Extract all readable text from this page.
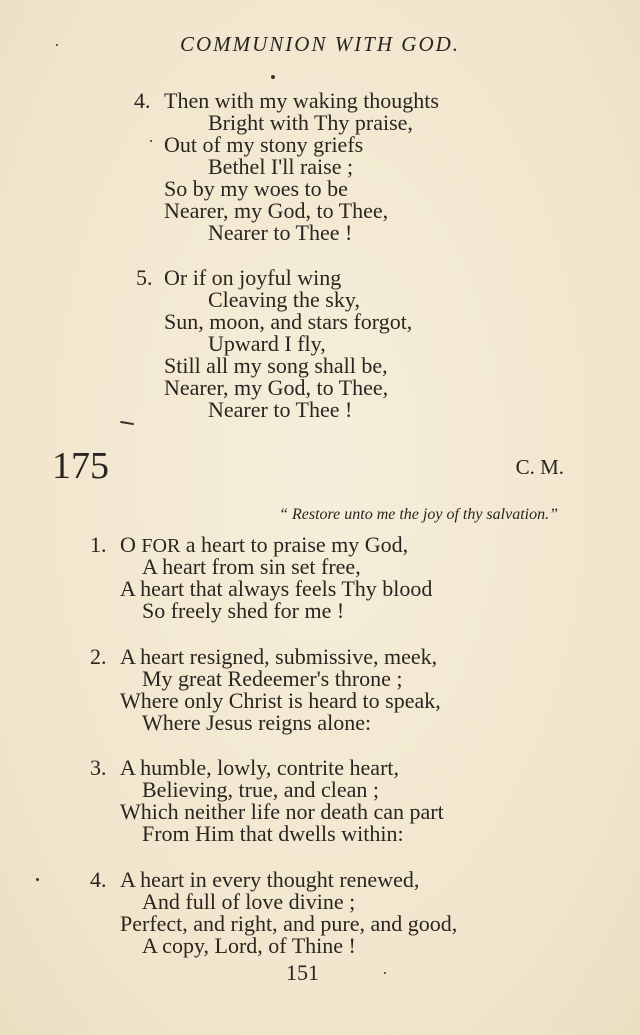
COMMUNION WITH GOD.
4. Then with my waking thoughts
Bright with Thy praise,
Out of my stony griefs
Bethel I'll raise ;
So by my woes to be
Nearer, my God, to Thee,
Nearer to Thee !
5. Or if on joyful wing
Cleaving the sky,
Sun, moon, and stars forgot,
Upward I fly,
Still all my song shall be,
Nearer, my God, to Thee,
Nearer to Thee !
175	C. M.
“ Restore unto me the joy of thy salvation.”
1. O FOR a heart to praise my God,
A heart from sin set free,
A heart that always feels Thy blood
So freely shed for me !
2. A heart resigned, submissive, meek,
My great Redeemer's throne ;
Where only Christ is heard to speak,
Where Jesus reigns alone:
3. A humble, lowly, contrite heart,
Believing, true, and clean ;
Which neither life nor death can part
From Him that dwells within:
4. A heart in every thought renewed,
And full of love divine ;
Perfect, and right, and pure, and good,
A copy, Lord, of Thine !
151
